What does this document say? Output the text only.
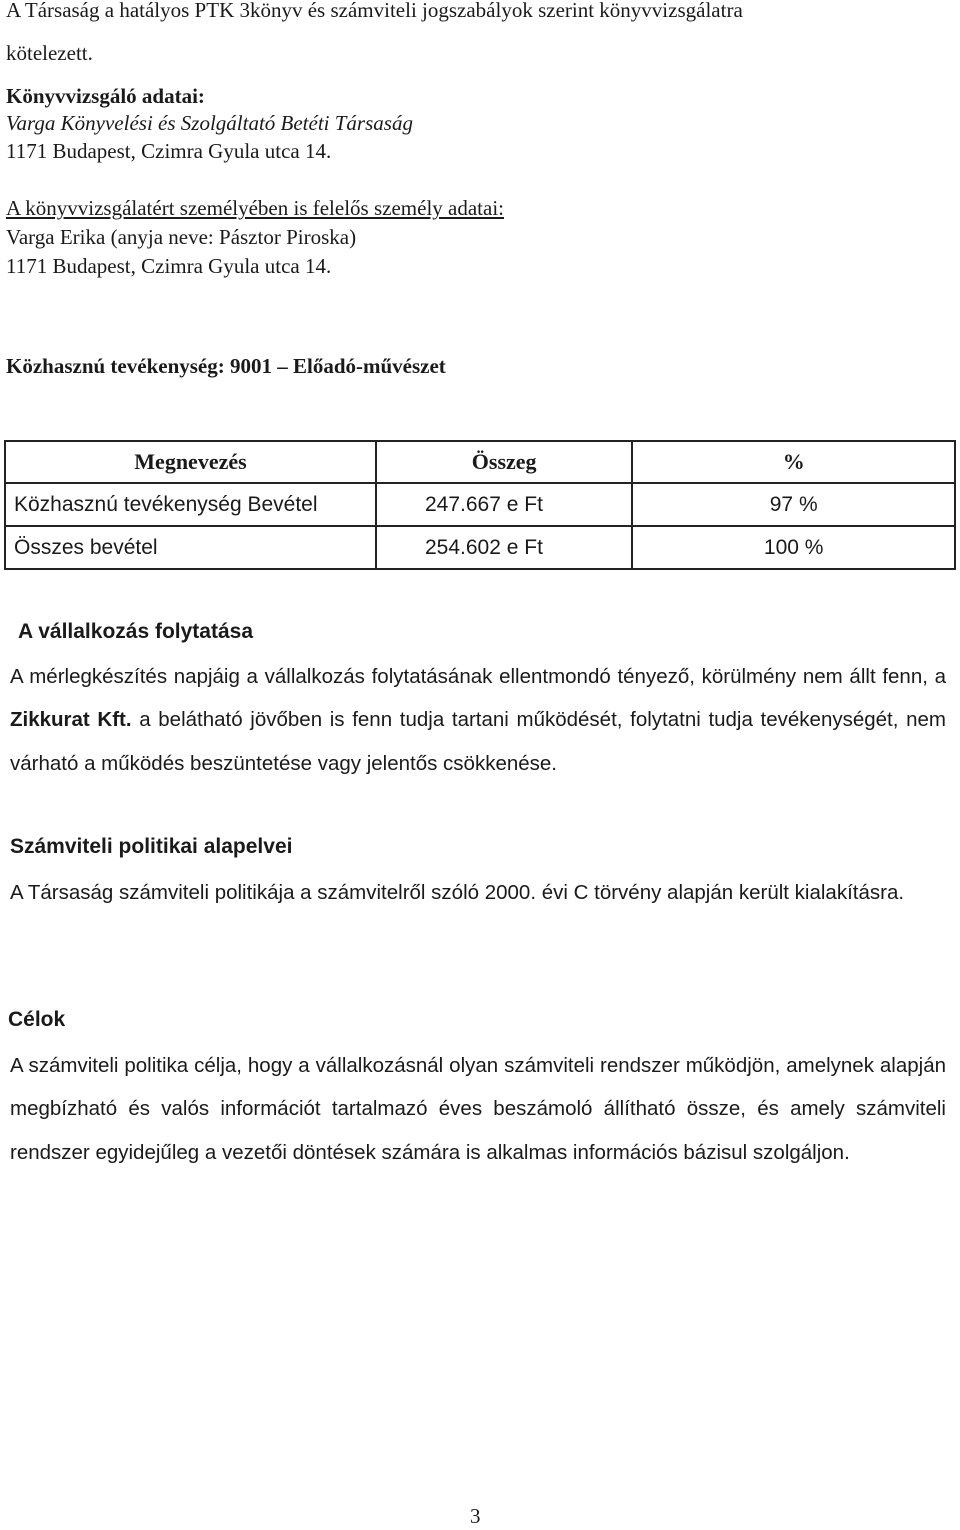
A Társaság a hatályos PTK 3könyv és számviteli jogszabályok szerint könyvvizsgálatra
kötelezett.
Könyvvizsgáló adatai:
Varga Könyvelési és Szolgáltató Betéti Társaság
1171 Budapest, Czimra Gyula utca 14.
A könyvvizsgálatért személyében is felelős személy adatai:
Varga Erika (anyja neve: Pásztor Piroska)
1171 Budapest, Czimra Gyula utca 14.
Közhasznú tevékenység: 9001 – Előadó-művészet
Megnevezés	Összeg	%
Közhasznú tevékenység Bevétel	247.667 e Ft	97 %
Összes bevétel	254.602 e Ft	100 %
A vállalkozás folytatása
A mérlegkészítés napjáig a vállalkozás folytatásának ellentmondó tényező, körülmény nem állt fenn, a Zikkurat Kft. a belátható jövőben is fenn tudja tartani működését, folytatni tudja tevékenységét, nem várható a működés beszüntetése vagy jelentős csökkenése.
Számviteli politikai alapelvei
A Társaság számviteli politikája a számvitelről szóló 2000. évi C törvény alapján került kialakításra.
Célok
A számviteli politika célja, hogy a vállalkozásnál olyan számviteli rendszer működjön, amelynek alapján megbízható és valós információt tartalmazó éves beszámoló állítható össze, és amely számviteli rendszer egyidejűleg a vezetői döntések számára is alkalmas információs bázisul szolgáljon.
3
